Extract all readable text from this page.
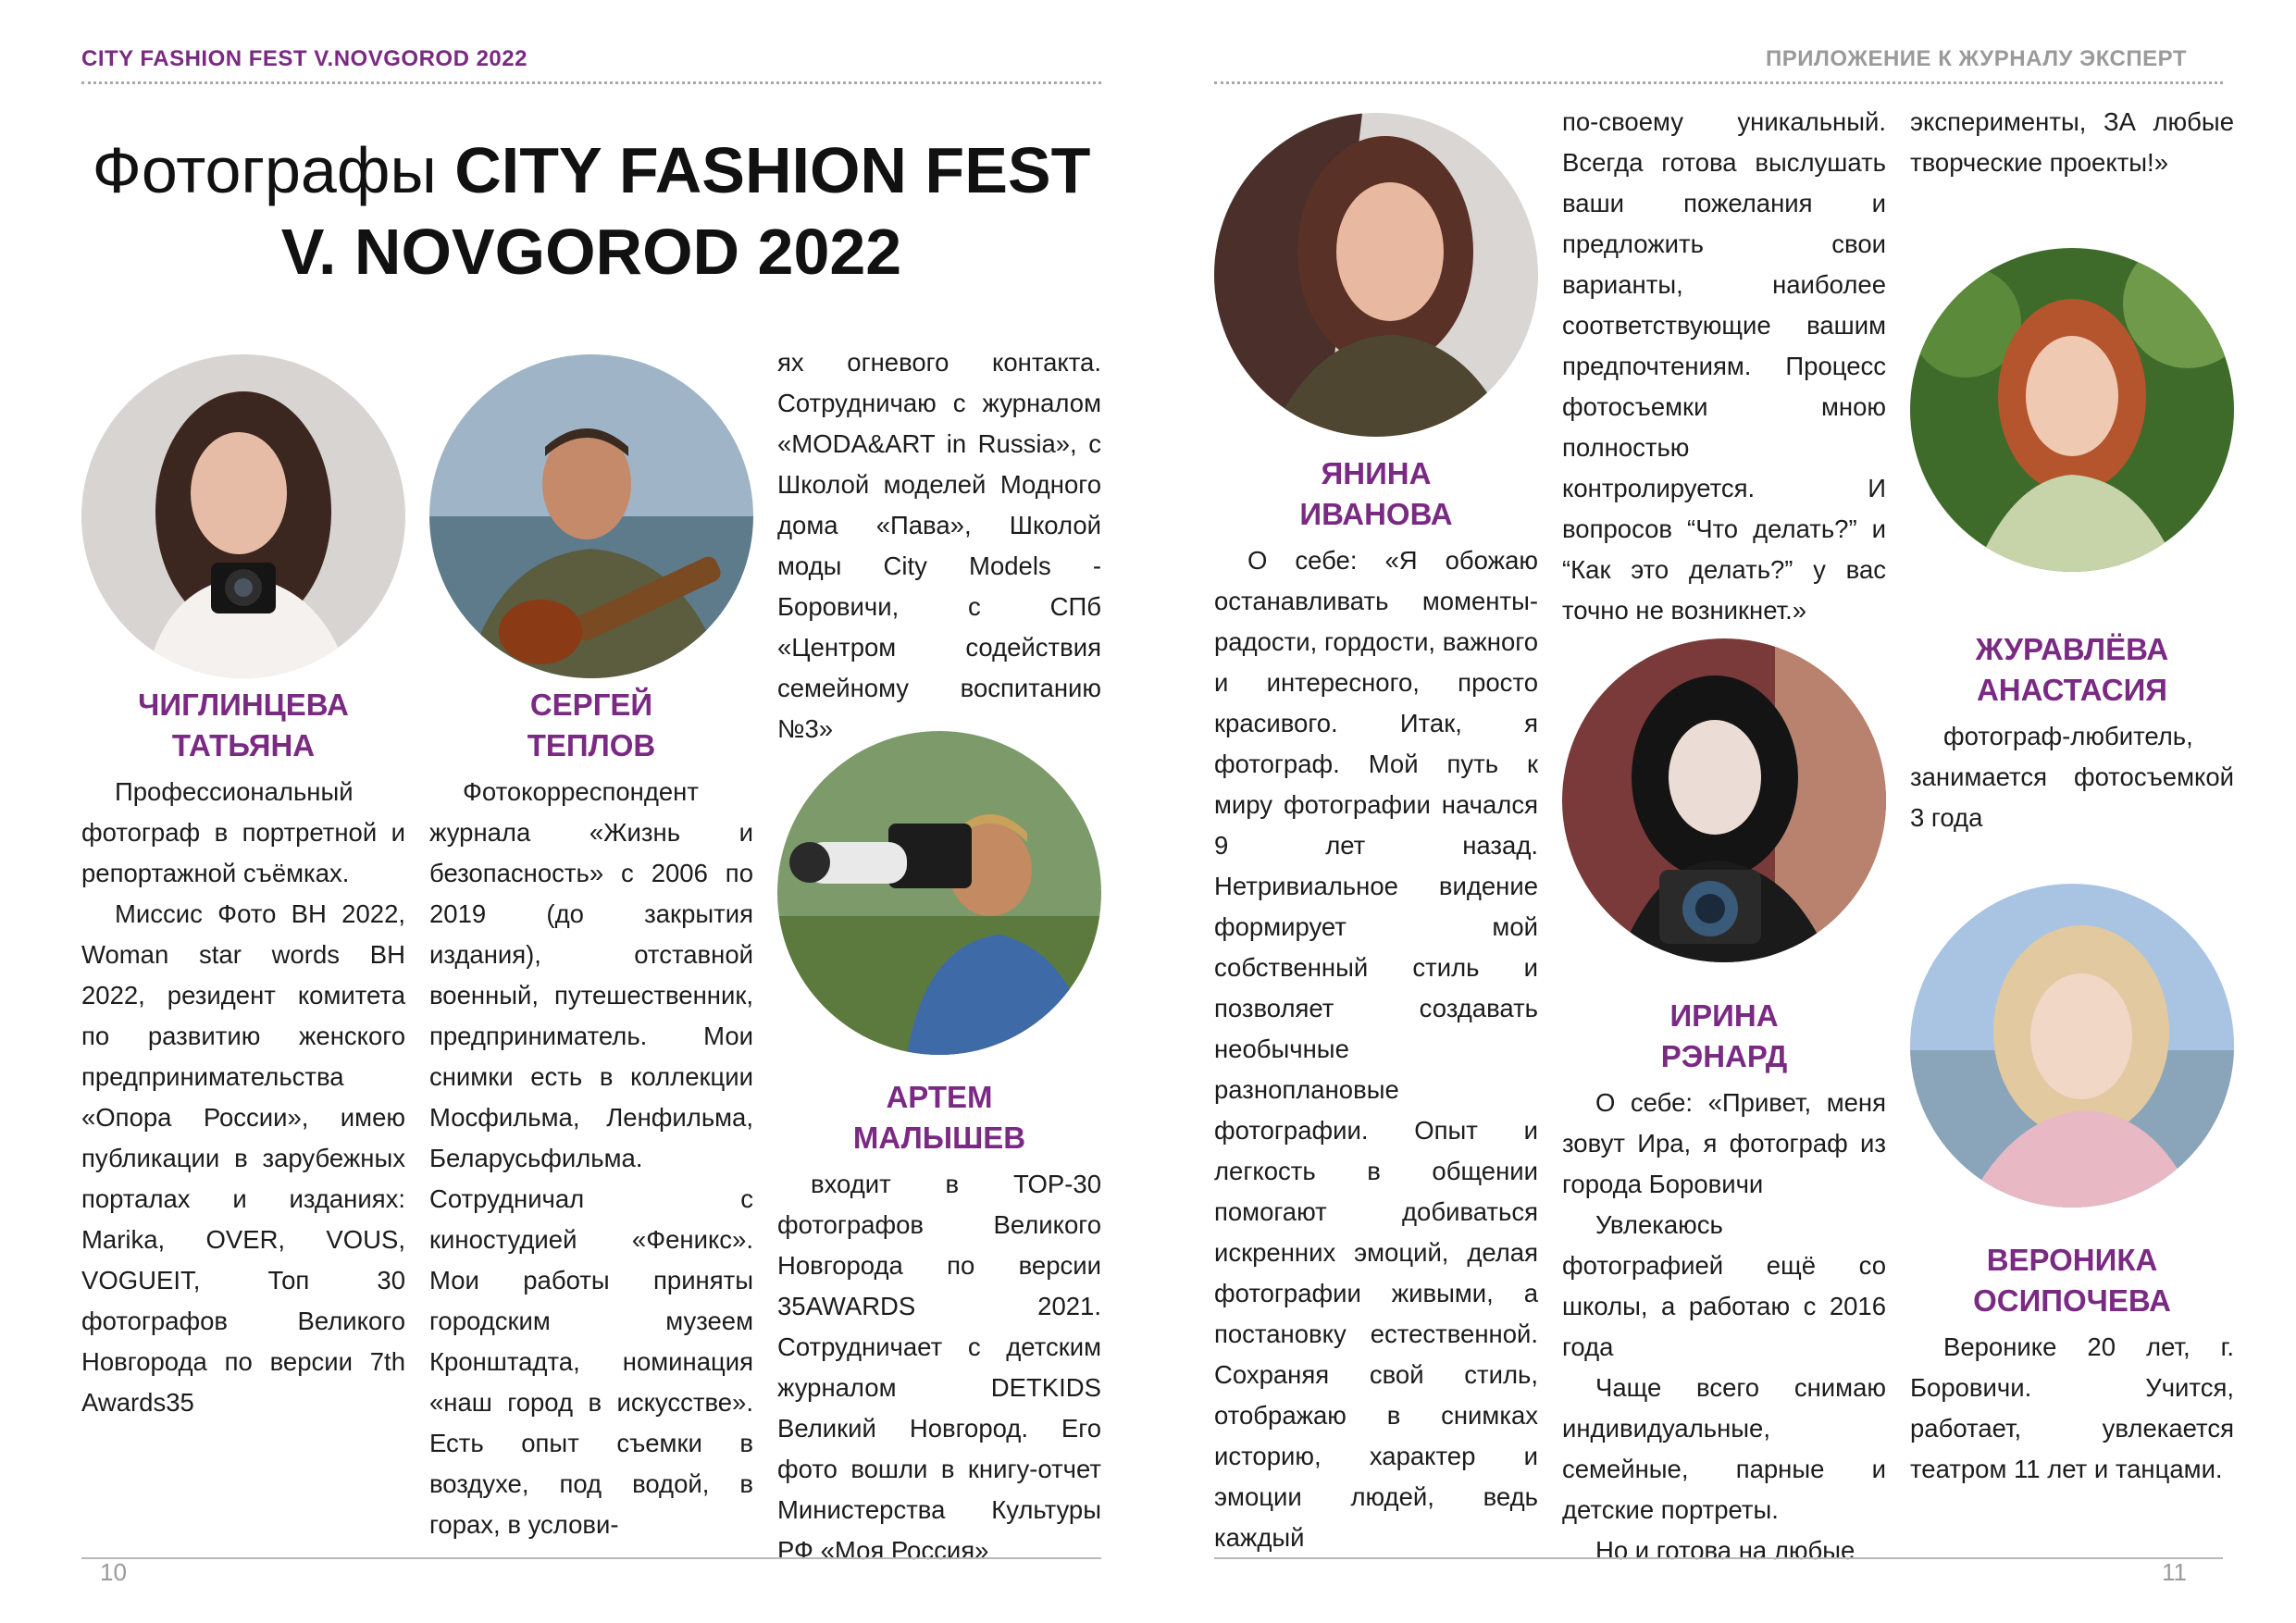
CITY FASHION FEST V.NOVGOROD 2022
Фотографы CITY FASHION FEST
V. NOVGOROD 2022
ЧИГЛИНЦЕВА
ТАТЬЯНА

Профессиональный фотограф в портретной и репортажной съёмках.

Миссис Фото ВН 2022, Woman star words ВН 2022, резидент комитета по развитию женского предпринимательства «Опора России», имею публикации в зарубежных порталах и изданиях: Marika, OVER, VOUS, VOGUEIT, Топ 30 фотографов Великого Новгорода по версии 7th Awards35

СЕРГЕЙ
ТЕПЛОВ

Фотокорреспондент журнала «Жизнь и безопасность» с 2006 по 2019 (до закрытия издания), отставной военный, путешественник, предприниматель. Мои снимки есть в коллекции Мосфильма, Ленфильма, Беларусьфильма. Сотрудничал с киностудией «Феникс». Мои работы приняты городским музеем Кронштадта, номинация «наш город в искусстве». Есть опыт съемки в воздухе, под водой, в горах, в услови-

ях огневого контакта. Сотрудничаю с журналом «MODA&ART in Russia», с Школой моделей Модного дома «Пава», Школой моды City Models - Боровичи, с СПб «Центром содействия семейному воспитанию №3»

АРТЕМ
МАЛЫШЕВ

входит в ТОР-30 фотографов Великого Новгорода по версии 35AWARDS 2021. Сотрудничает с детским журналом DETKIDS Великий Новгород. Его фото вошли в книгу-отчет Министерства Культуры РФ «Моя Россия»

10
ПРИЛОЖЕНИЕ К ЖУРНАЛУ ЭКСПЕРТ
ЯНИНА
ИВАНОВА

О себе: «Я обожаю останавливать моменты- радости, гордости, важного и интересного, просто красивого. Итак, я фотограф. Мой путь к миру фотографии начался 9 лет назад. Нетривиальное видение формирует мой собственный стиль и позволяет создавать необычные разноплановые фотографии. Опыт и легкость в общении помогают добиваться искренних эмоций, делая фотографии живыми, а постановку естественной. Сохраняя свой стиль, отображаю в снимках историю, характер и эмоции людей, ведь каждый

по-своему уникальный. Всегда готова выслушать ваши пожелания и предложить свои варианты, наиболее соответствующие вашим предпочтениям. Процесс фотосъемки мною полностью контролируется. И вопросов “Что делать?” и “Как это делать?” у вас точно не возникнет.»

ИРИНА
РЭНАРД

О себе: «Привет, меня зовут Ира, я фотограф из города Боровичи

Увлекаюсь фотографией ещё со школы, а работаю с 2016 года

Чаще всего снимаю индивидуальные, семейные, парные и детские портреты.

Но и готова на любые

эксперименты, ЗА любые творческие проекты!»

ЖУРАВЛЁВА
АНАСТАСИЯ

фотограф-любитель, занимается фотосъемкой 3 года

ВЕРОНИКА
ОСИПОЧЕВА

Веронике 20 лет, г. Боровичи. Учится, работает, увлекается театром 11 лет и танцами.

11
